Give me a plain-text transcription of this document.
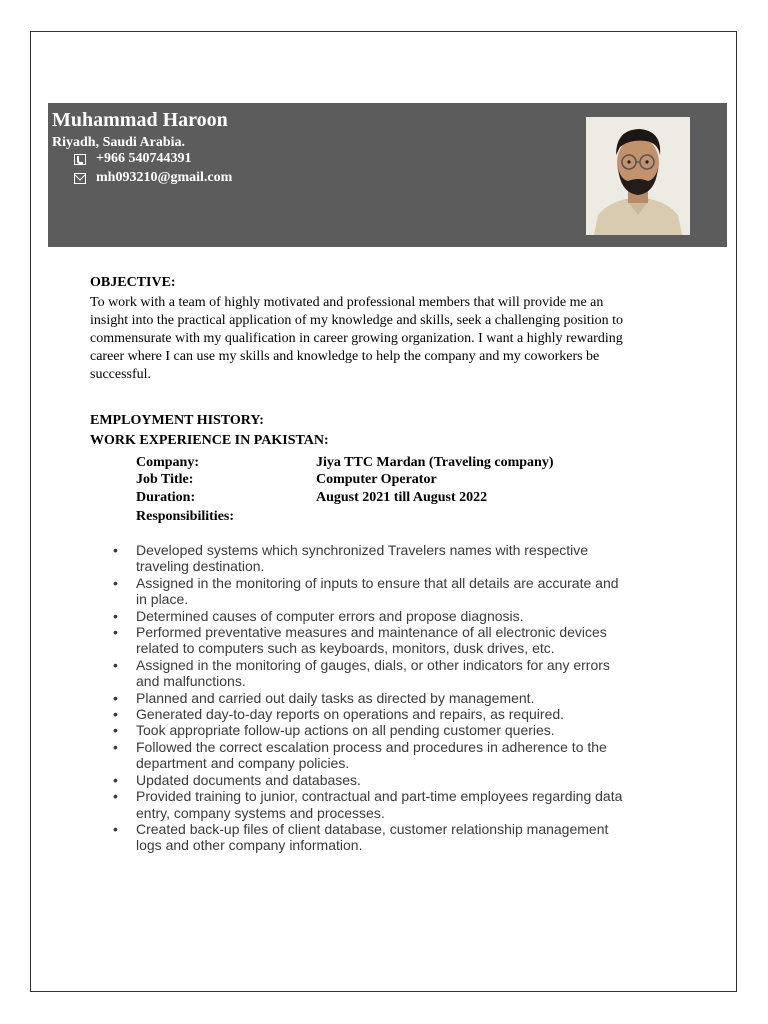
Muhammad Haroon
Riyadh, Saudi Arabia.
+966 540744391
mh093210@gmail.com
OBJECTIVE:
To work with a team of highly motivated and professional members that will provide me an
insight into the practical application of my knowledge and skills, seek a challenging position to
commensurate with my qualification in career growing organization. I want a highly rewarding
career where I can use my skills and knowledge to help the company and my coworkers be
successful.
EMPLOYMENT HISTORY:
WORK EXPERIENCE IN PAKISTAN:
Company:	Jiya TTC Mardan (Traveling company)
Job Title:	Computer Operator
Duration:	August 2021 till August 2022
Responsibilities:
• Developed systems which synchronized Travelers names with respective
traveling destination.
• Assigned in the monitoring of inputs to ensure that all details are accurate and
in place.
• Determined causes of computer errors and propose diagnosis.
• Performed preventative measures and maintenance of all electronic devices
related to computers such as keyboards, monitors, dusk drives, etc.
• Assigned in the monitoring of gauges, dials, or other indicators for any errors
and malfunctions.
• Planned and carried out daily tasks as directed by management.
• Generated day-to-day reports on operations and repairs, as required.
• Took appropriate follow-up actions on all pending customer queries.
• Followed the correct escalation process and procedures in adherence to the
department and company policies.
• Updated documents and databases.
• Provided training to junior, contractual and part-time employees regarding data
entry, company systems and processes.
• Created back-up files of client database, customer relationship management
logs and other company information.
